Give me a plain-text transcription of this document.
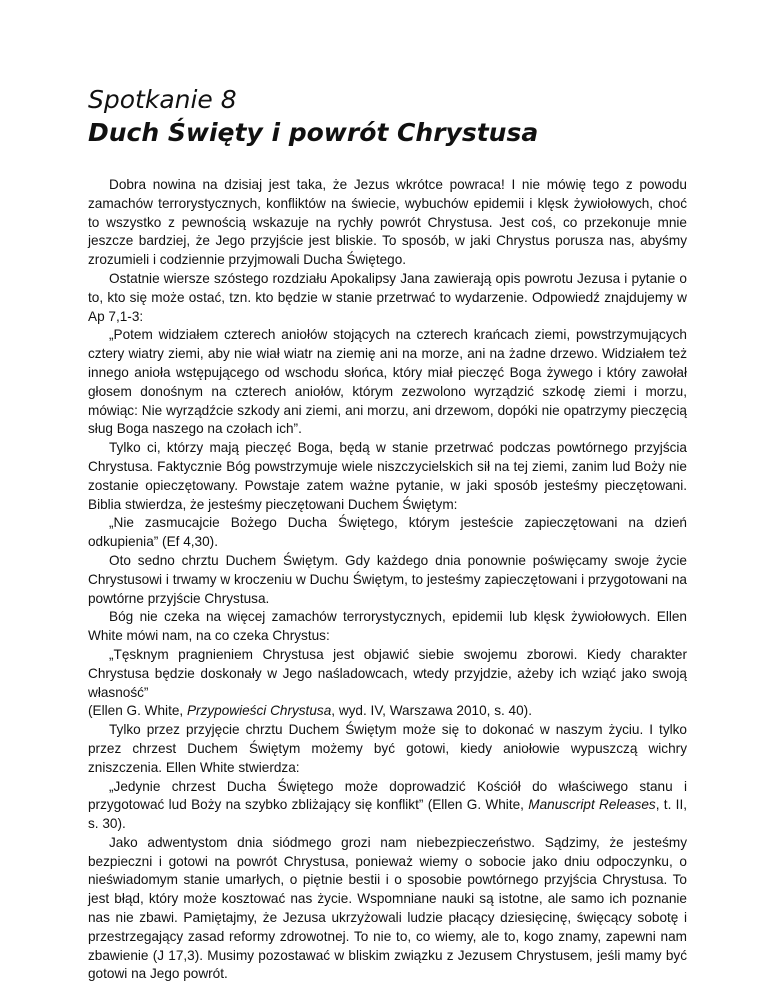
Spotkanie 8
Duch Święty i powrót Chrystusa

Dobra nowina na dzisiaj jest taka, że Jezus wkrótce powraca! I nie mówię tego z powodu zamachów terrorystycznych, konfliktów na świecie, wybuchów epidemii i klęsk żywiołowych, choć to wszystko z pewnością wskazuje na rychły powrót Chrystusa. Jest coś, co przekonuje mnie jeszcze bardziej, że Jego przyjście jest bliskie. To sposób, w jaki Chrystus porusza nas, abyśmy zrozumieli i codziennie przyjmowali Ducha Świętego.

Ostatnie wiersze szóstego rozdziału Apokalipsy Jana zawierają opis powrotu Jezusa i pytanie o to, kto się może ostać, tzn. kto będzie w stanie przetrwać to wydarzenie. Odpowiedź znajdujemy w Ap 7,1-3:

„Potem widziałem czterech aniołów stojących na czterech krańcach ziemi, powstrzymujących cztery wiatry ziemi, aby nie wiał wiatr na ziemię ani na morze, ani na żadne drzewo. Widziałem też innego anioła wstępującego od wschodu słońca, który miał pieczęć Boga żywego i który zawołał głosem donośnym na czterech aniołów, którym zezwolono wyrządzić szkodę ziemi i morzu, mówiąc: Nie wyrządźcie szkody ani ziemi, ani morzu, ani drzewom, dopóki nie opatrzymy pieczęcią sług Boga naszego na czołach ich”.

Tylko ci, którzy mają pieczęć Boga, będą w stanie przetrwać podczas powtórnego przyjścia Chrystusa. Faktycznie Bóg powstrzymuje wiele niszczycielskich sił na tej ziemi, zanim lud Boży nie zostanie opieczętowany. Powstaje zatem ważne pytanie, w jaki sposób jesteśmy pieczętowani. Biblia stwierdza, że jesteśmy pieczętowani Duchem Świętym:

„Nie zasmucajcie Bożego Ducha Świętego, którym jesteście zapieczętowani na dzień odkupienia” (Ef 4,30).

Oto sedno chrztu Duchem Świętym. Gdy każdego dnia ponownie poświęcamy swoje życie Chrystusowi i trwamy w kroczeniu w Duchu Świętym, to jesteśmy zapieczętowani i przygotowani na powtórne przyjście Chrystusa.

Bóg nie czeka na więcej zamachów terrorystycznych, epidemii lub klęsk żywiołowych. Ellen White mówi nam, na co czeka Chrystus:

„Tęsknym pragnieniem Chrystusa jest objawić siebie swojemu zborowi. Kiedy charakter Chrystusa będzie doskonały w Jego naśladowcach, wtedy przyjdzie, ażeby ich wziąć jako swoją własność”

(Ellen G. White, Przypowieści Chrystusa, wyd. IV, Warszawa 2010, s. 40).

Tylko przez przyjęcie chrztu Duchem Świętym może się to dokonać w naszym życiu. I tylko przez chrzest Duchem Świętym możemy być gotowi, kiedy aniołowie wypuszczą wichry zniszczenia. Ellen White stwierdza:

„Jedynie chrzest Ducha Świętego może doprowadzić Kościół do właściwego stanu i przygotować lud Boży na szybko zbliżający się konflikt” (Ellen G. White, Manuscript Releases, t. II, s. 30).

Jako adwentystom dnia siódmego grozi nam niebezpieczeństwo. Sądzimy, że jesteśmy bezpieczni i gotowi na powrót Chrystusa, ponieważ wiemy o sobocie jako dniu odpoczynku, o nieświadomym stanie umarłych, o piętnie bestii i o sposobie powtórnego przyjścia Chrystusa. To jest błąd, który może kosztować nas życie. Wspomniane nauki są istotne, ale samo ich poznanie nas nie zbawi. Pamiętajmy, że Jezusa ukrzyżowali ludzie płacący dziesięcinę, święcący sobotę i przestrzegający zasad reformy zdrowotnej. To nie to, co wiemy, ale to, kogo znamy, zapewni nam zbawienie (J 17,3). Musimy pozostawać w bliskim związku z Jezusem Chrystusem, jeśli mamy być gotowi na Jego powrót.
